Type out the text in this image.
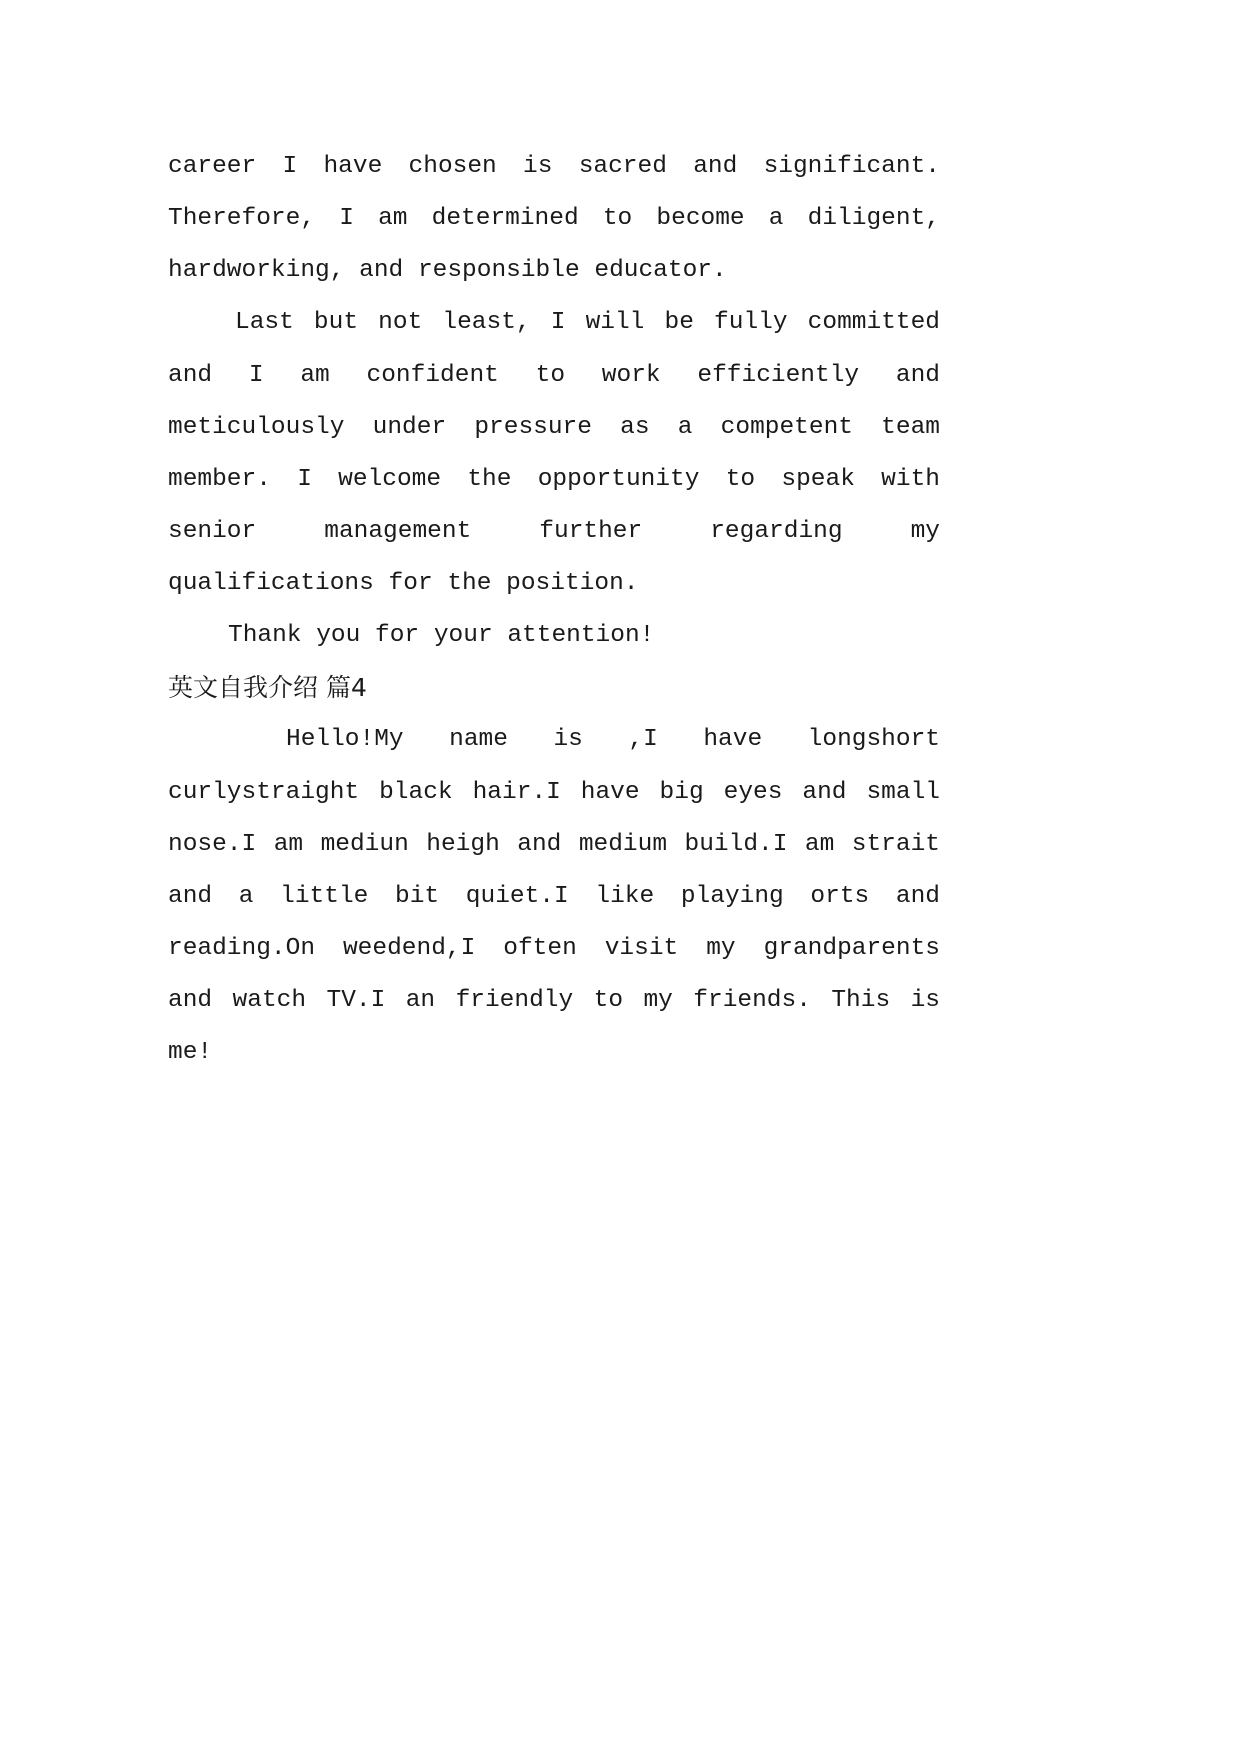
career I have chosen is sacred and significant.
Therefore, I am determined to become a diligent,
hardworking, and responsible educator.
Last but not least, I will be fully committed
and I am confident to work efficiently and
meticulously under pressure as a competent team
member. I welcome the opportunity to speak with
senior management further regarding my
qualifications for the position.
Thank you for your attention!
英文自我介绍 篇4
Hello!My name is ,I have longshort
curlystraight black hair.I have big eyes and small
nose.I am mediun heigh and medium build.I am strait
and a little bit quiet.I like playing orts and
reading.On weedend,I often visit my grandparents
and watch TV.I an friendly to my friends. This is
me!
